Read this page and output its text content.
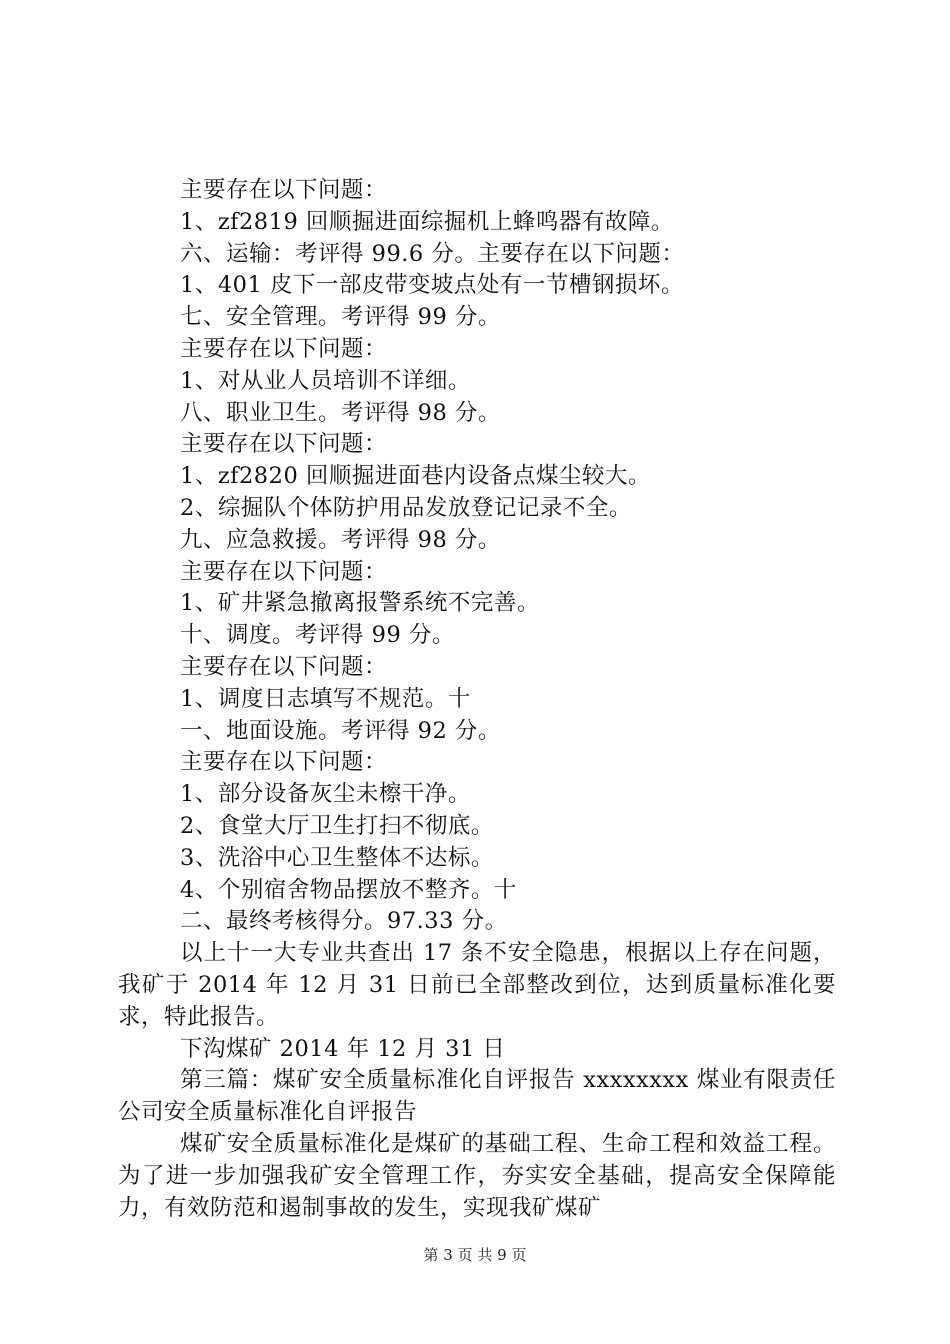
主要存在以下问题：

1、zf2819 回顺掘进面综掘机上蜂鸣器有故障。

六、运输：考评得 99.6 分。主要存在以下问题：

1、401 皮下一部皮带变坡点处有一节槽钢损坏。

七、安全管理。考评得 99 分。

主要存在以下问题：

1、对从业人员培训不详细。

八、职业卫生。考评得 98 分。

主要存在以下问题：

1、zf2820 回顺掘进面巷内设备点煤尘较大。

2、综掘队个体防护用品发放登记记录不全。

九、应急救援。考评得 98 分。

主要存在以下问题：

1、矿井紧急撤离报警系统不完善。

十、调度。考评得 99 分。

主要存在以下问题：

1、调度日志填写不规范。十

一、地面设施。考评得 92 分。

主要存在以下问题：

1、部分设备灰尘未檫干净。

2、食堂大厅卫生打扫不彻底。

3、洗浴中心卫生整体不达标。

4、个别宿舍物品摆放不整齐。十

二、最终考核得分。97.33 分。

以上十一大专业共查出 17 条不安全隐患，根据以上存在问题，我矿于 2014 年 12 月 31 日前已全部整改到位，达到质量标准化要求，特此报告。

下沟煤矿 2014 年 12 月 31 日

第三篇：煤矿安全质量标准化自评报告 xxxxxxxx 煤业有限责任公司安全质量标准化自评报告

煤矿安全质量标准化是煤矿的基础工程、生命工程和效益工程。为了进一步加强我矿安全管理工作，夯实安全基础，提高安全保障能力，有效防范和遏制事故的发生，实现我矿煤矿

第 3 页 共 9 页
